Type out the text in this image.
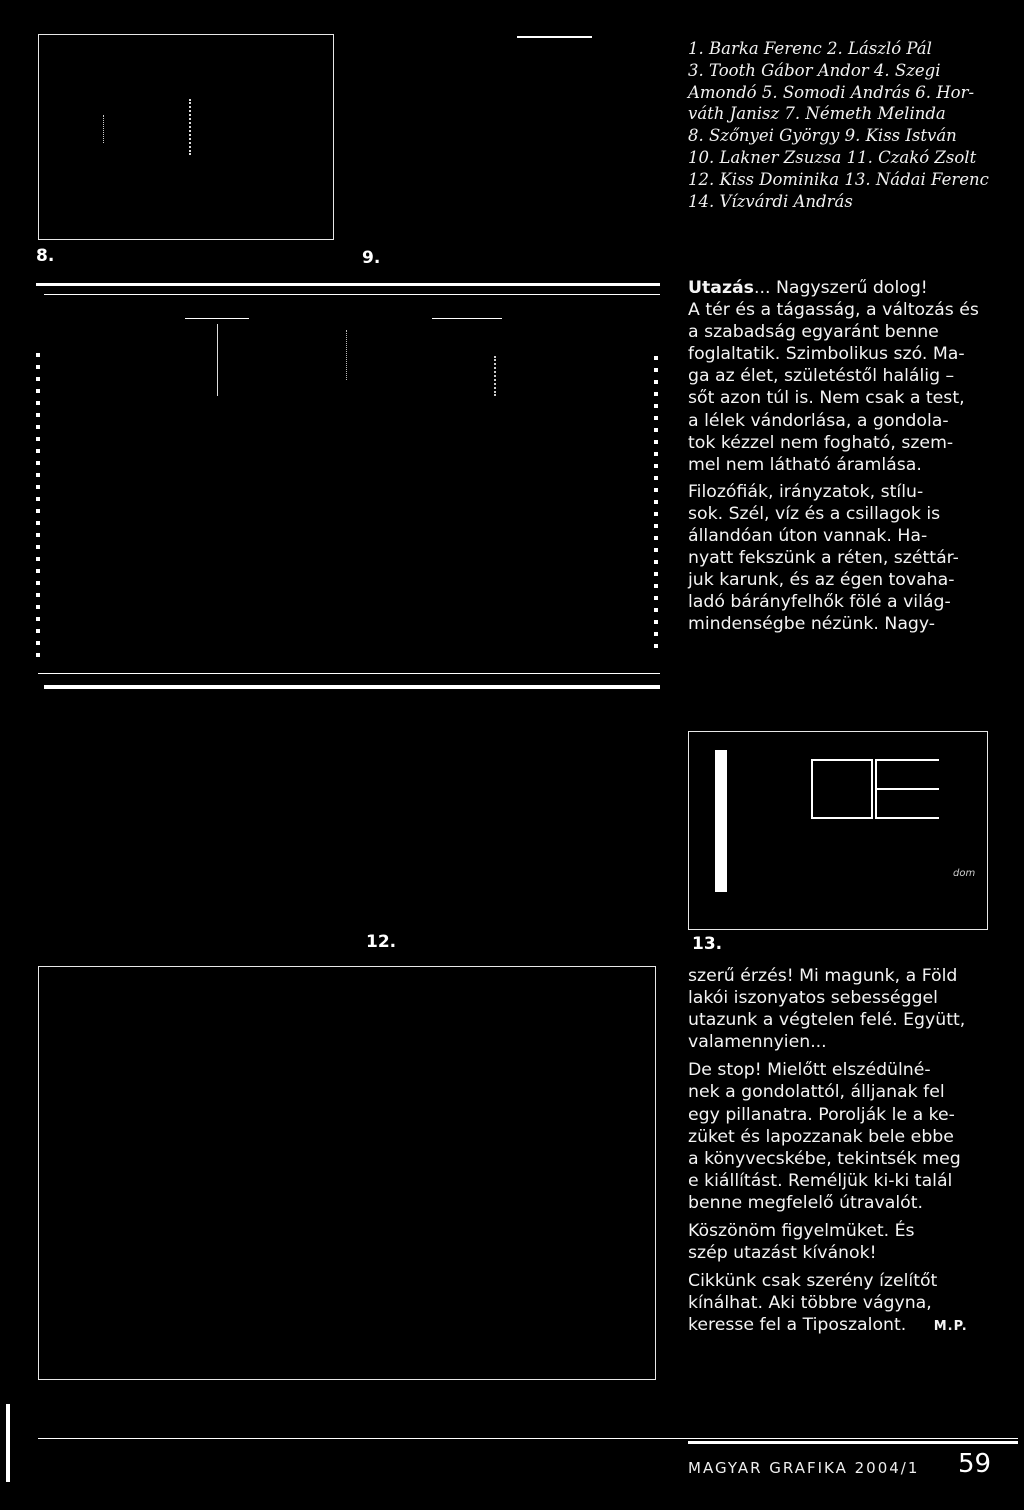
8.	9.
1. Barka Ferenc 2. László Pál
3. Tooth Gábor Andor 4. Szegi
Amondó 5. Somodi András 6. Hor-
váth Janisz 7. Németh Melinda
8. Szőnyei György 9. Kiss István
10. Lakner Zsuzsa 11. Czakó Zsolt
12. Kiss Dominika 13. Nádai Ferenc
14. Vízvárdi András
Utazás... Nagyszerű dolog!
A tér és a tágasság, a változás és
a szabadság egyaránt benne
foglaltatik. Szimbolikus szó. Ma-
ga az élet, születéstől halálig –
sőt azon túl is. Nem csak a test,
a lélek vándorlása, a gondola-
tok kézzel nem fogható, szem-
mel nem látható áramlása.
Filozófiák, irányzatok, stílu-
sok. Szél, víz és a csillagok is
állandóan úton vannak. Ha-
nyatt fekszünk a réten, széttár-
juk karunk, és az égen tovaha-
ladó bárányfelhők fölé a világ-
mindenségbe nézünk. Nagy-
dom
12.	13.
szerű érzés! Mi magunk, a Föld
lakói iszonyatos sebességgel
utazunk a végtelen felé. Együtt,
valamennyien...
De stop! Mielőtt elszédülné-
nek a gondolattól, álljanak fel
egy pillanatra. Porolják le a ke-
züket és lapozzanak bele ebbe
a könyvecskébe, tekintsék meg
e kiállítást. Reméljük ki-ki talál
benne megfelelő útravalót.
Köszönöm figyelmüket. És
szép utazást kívánok!
Cikkünk csak szerény ízelítőt
kínálhat. Aki többre vágyna,
keresse fel a Tiposzalont. M.P.
MAGYAR GRAFIKA 2004/1 59
